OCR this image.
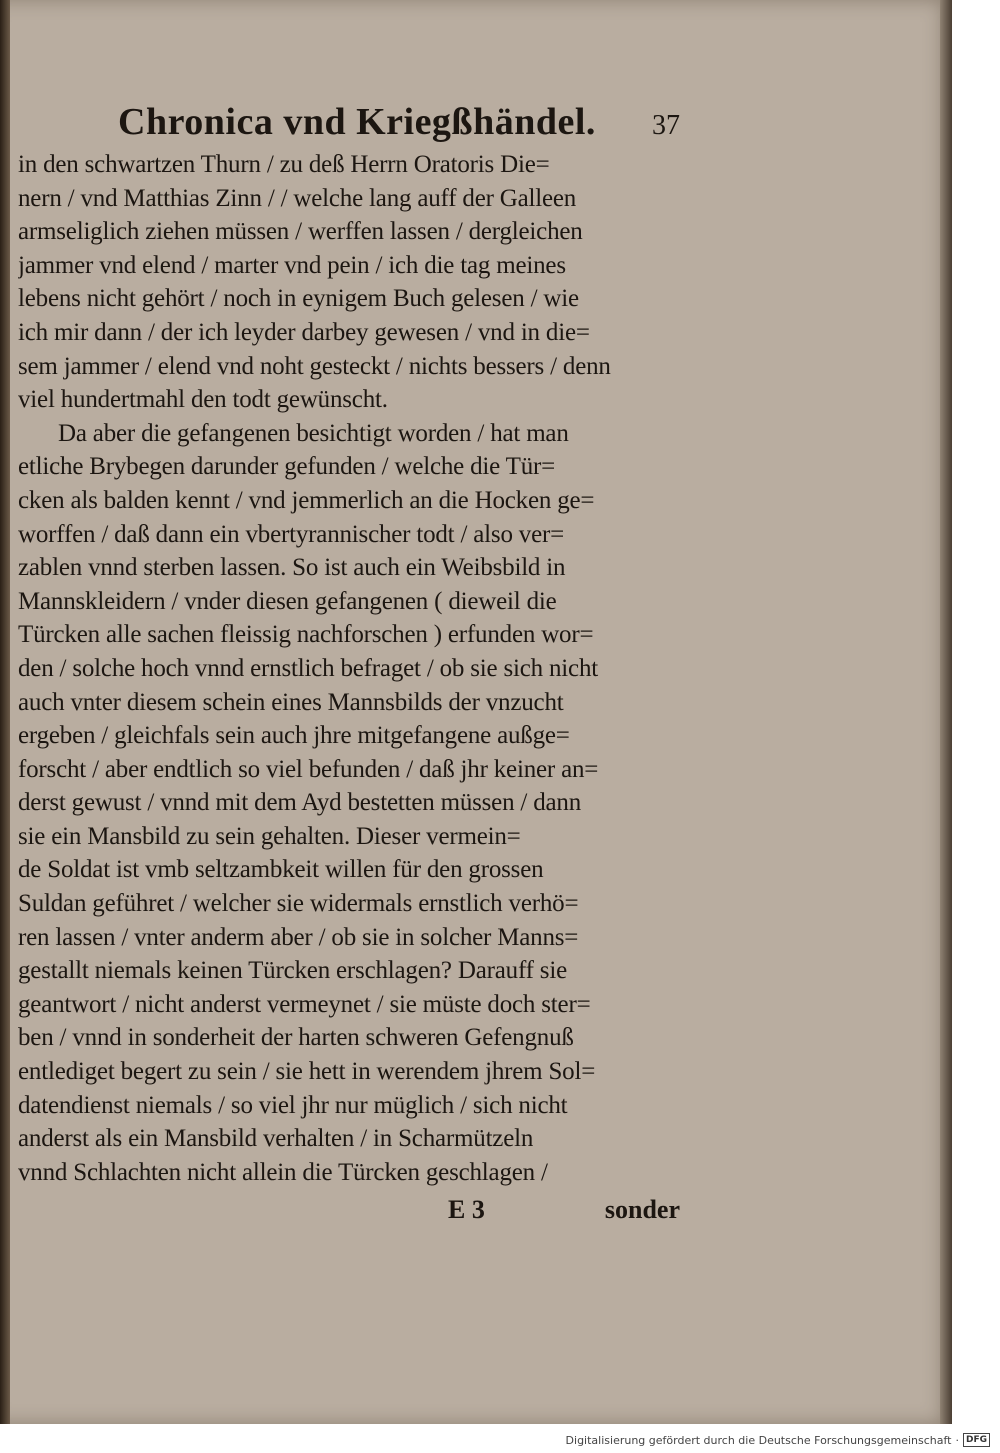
Chronica vnd Kriegßhändel. 37
in den schwartzen Thurn / zu deß Herrn Oratoris Die=
nern / vnd Matthias Zinn / / welche lang auff der Galleen
armseliglich ziehen müssen / werffen lassen / dergleichen
jammer vnd elend / marter vnd pein / ich die tag meines
lebens nicht gehört / noch in eynigem Buch gelesen / wie
ich mir dann / der ich leyder darbey gewesen / vnd in die=
sem jammer / elend vnd noht gesteckt / nichts bessers / denn
viel hundertmahl den todt gewünscht.
Da aber die gefangenen besichtigt worden / hat man
etliche Brybegen darunder gefunden / welche die Tür=
cken als balden kennt / vnd jemmerlich an die Hocken ge=
worffen / daß dann ein vbertyrannischer todt / also ver=
zablen vnnd sterben lassen. So ist auch ein Weibsbild in
Mannskleidern / vnder diesen gefangenen ( dieweil die
Türcken alle sachen fleissig nachforschen ) erfunden wor=
den / solche hoch vnnd ernstlich befraget / ob sie sich nicht
auch vnter diesem schein eines Mannsbilds der vnzucht
ergeben / gleichfals sein auch jhre mitgefangene außge=
forscht / aber endtlich so viel befunden / daß jhr keiner an=
derst gewust / vnnd mit dem Ayd bestetten müssen / dann
sie ein Mansbild zu sein gehalten. Dieser vermein=
de Soldat ist vmb seltzambkeit willen für den grossen
Suldan geführet / welcher sie widermals ernstlich verhö=
ren lassen / vnter anderm aber / ob sie in solcher Manns=
gestallt niemals keinen Türcken erschlagen? Darauff sie
geantwort / nicht anderst vermeynet / sie müste doch ster=
ben / vnnd in sonderheit der harten schweren Gefengnuß
entlediget begert zu sein / sie hett in werendem jhrem Sol=
datendienst niemals / so viel jhr nur müglich / sich nicht
anderst als ein Mansbild verhalten / in Scharmützeln
vnnd Schlachten nicht allein die Türcken geschlagen /
E 3	sonder
Digitalisierung gefördert durch die Deutsche Forschungsgemeinschaft · DFG
